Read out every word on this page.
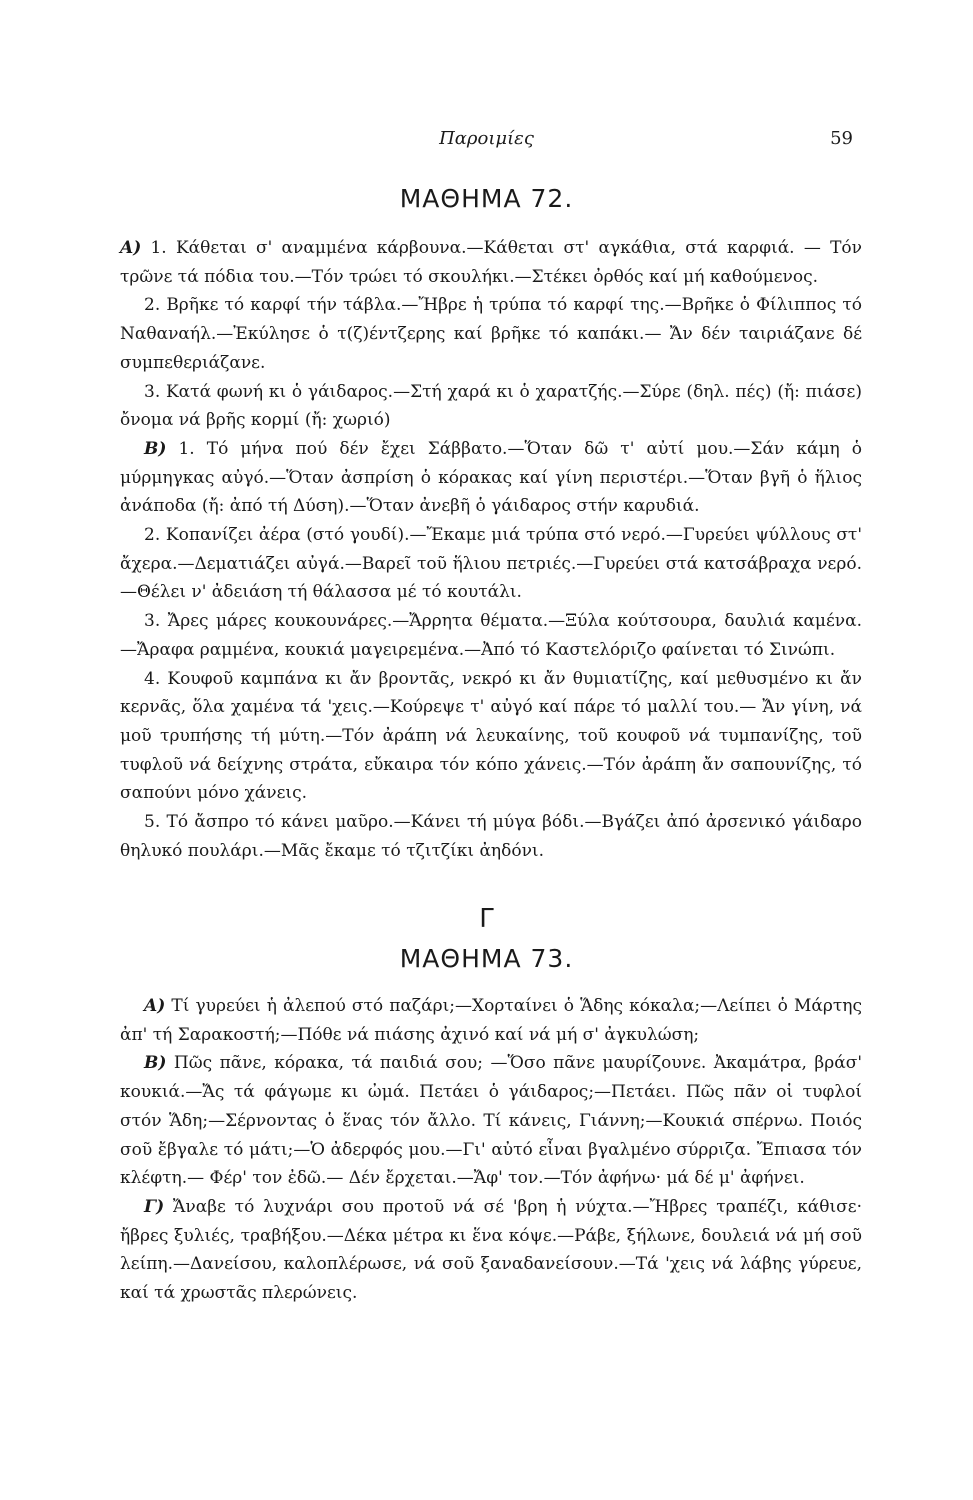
Παροιμίες	59
ΜΑΘΗΜΑ 72.

Α) 1. Κάθεται σ' αναμμένα κάρβουνα.—Κάθεται στ' αγκάθια, στά καρφιά. — Τόν τρῶνε τά πόδια του.—Τόν τρώει τό σκουλήκι.—Στέκει ὀρθός καί μή καθούμενος.

2. Βρῆκε τό καρφί τήν τάβλα.—Ἤβρε ἡ τρύπα τό καρφί της.—Βρῆκε ὁ Φίλιππος τό Ναθαναήλ.—Ἐκύλησε ὁ τ(ζ)έντζερης καί βρῆκε τό καπάκι.— Ἄν δέν ταιριάζανε δέ συμπεθεριάζανε.

3. Κατά φωνή κι ὁ γάιδαρος.—Στή χαρά κι ὁ χαρατζής.—Σύρε (δηλ. πές) (ἤ: πιάσε) ὄνομα νά βρῆς κορμί (ἤ: χωριό)

Β) 1. Τό μήνα πού δέν ἔχει Σάββατο.—Ὅταν δῶ τ' αὐτί μου.—Σάν κάμη ὁ μύρμηγκας αὐγό.—Ὅταν ἀσπρίση ὁ κόρακας καί γίνη περιστέρι.—Ὅταν βγῆ ὁ ἥλιος ἀνάποδα (ἤ: ἀπό τή Δύση).—Ὅταν ἀνεβῆ ὁ γάιδαρος στήν καρυδιά.

2. Κοπανίζει ἀέρα (στό γουδί).—Ἔκαμε μιά τρύπα στό νερό.—Γυρεύει ψύλλους στ' ἄχερα.—Δεματιάζει αὐγά.—Βαρεῖ τοῦ ἥλιου πετριές.—Γυρεύει στά κατσάβραχα νερό.—Θέλει ν' ἀδειάση τή θάλασσα μέ τό κουτάλι.

3. Ἄρες μάρες κουκουνάρες.—Ἄρρητα θέματα.—Ξύλα κούτσουρα, δαυλιά καμένα.—Ἄραφα ραμμένα, κουκιά μαγειρεμένα.—Ἀπό τό Καστελόριζο φαίνεται τό Σινώπι.

4. Κουφοῦ καμπάνα κι ἄν βροντᾶς, νεκρό κι ἄν θυμιατίζης, καί μεθυσμένο κι ἄν κερνᾶς, ὅλα χαμένα τά 'χεις.—Κούρεψε τ' αὐγό καί πάρε τό μαλλί του.— Ἄν γίνη, νά μοῦ τρυπήσης τή μύτη.—Τόν ἀράπη νά λευκαίνης, τοῦ κουφοῦ νά τυμπανίζης, τοῦ τυφλοῦ νά δείχνης στράτα, εὔκαιρα τόν κόπο χάνεις.—Τόν ἀράπη ἄν σαπουνίζης, τό σαπούνι μόνο χάνεις.

5. Τό ἄσπρο τό κάνει μαῦρο.—Κάνει τή μύγα βόδι.—Βγάζει ἀπό ἀρσενικό γάιδαρο θηλυκό πουλάρι.—Μᾶς ἔκαμε τό τζιτζίκι ἀηδόνι.

Γ
ΜΑΘΗΜΑ 73.

Α) Τί γυρεύει ἡ ἀλεπού στό παζάρι;—Χορταίνει ὁ Ἅδης κόκαλα;—Λείπει ὁ Μάρτης ἀπ' τή Σαρακοστή;—Πόθε νά πιάσης ἀχινό καί νά μή σ' ἀγκυλώση;

Β) Πῶς πᾶνε, κόρακα, τά παιδιά σου; —Ὅσο πᾶνε μαυρίζουνε. Ἀκαμάτρα, βράσ' κουκιά.—Ἄς τά φάγωμε κι ὠμά. Πετάει ὁ γάιδαρος;—Πετάει. Πῶς πᾶν οἱ τυφλοί στόν Ἅδη;—Σέρνοντας ὁ ἕνας τόν ἄλλο. Τί κάνεις, Γιάννη;—Κουκιά σπέρνω. Ποιός σοῦ ἔβγαλε τό μάτι;—Ὁ ἀδερφός μου.—Γι' αὐτό εἶναι βγαλμένο σύρριζα. Ἔπιασα τόν κλέφτη.— Φέρ' τον ἐδῶ.— Δέν ἔρχεται.—Ἄφ' τον.—Τόν ἀφήνω· μά δέ μ' ἀφήνει.

Γ) Ἄναβε τό λυχνάρι σου προτοῦ νά σέ 'βρη ἡ νύχτα.—Ἤβρες τραπέζι, κάθισε· ἤβρες ξυλιές, τραβήξου.—Δέκα μέτρα κι ἕνα κόψε.—Ράβε, ξήλωνε, δουλειά νά μή σοῦ λείπη.—Δανείσου, καλοπλέρωσε, νά σοῦ ξαναδανείσουν.—Τά 'χεις νά λάβης γύρευε, καί τά χρωστᾶς πλερώνεις.
